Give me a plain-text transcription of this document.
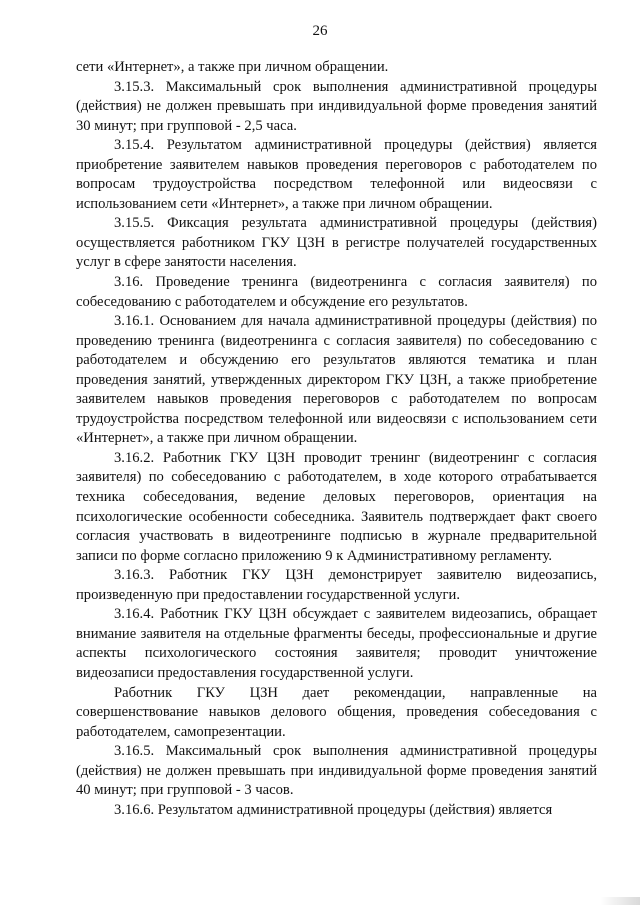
26

сети «Интернет», а также при личном обращении.

3.15.3. Максимальный срок выполнения административной процедуры (действия) не должен превышать при индивидуальной форме проведения занятий 30 минут; при групповой - 2,5 часа.

3.15.4. Результатом административной процедуры (действия) является приобретение заявителем навыков проведения переговоров с работодателем по вопросам трудоустройства посредством телефонной или видеосвязи с использованием сети «Интернет», а также при личном обращении.

3.15.5. Фиксация результата административной процедуры (действия) осуществляется работником ГКУ ЦЗН в регистре получателей государственных услуг в сфере занятости населения.

3.16. Проведение тренинга (видеотренинга с согласия заявителя) по собеседованию с работодателем и обсуждение его результатов.

3.16.1. Основанием для начала административной процедуры (действия) по проведению тренинга (видеотренинга с согласия заявителя) по собеседованию с работодателем и обсуждению его результатов являются тематика и план проведения занятий, утвержденных директором ГКУ ЦЗН, а также приобретение заявителем навыков проведения переговоров с работодателем по вопросам трудоустройства посредством телефонной или видеосвязи с использованием сети «Интернет», а также при личном обращении.

3.16.2. Работник ГКУ ЦЗН проводит тренинг (видеотренинг с согласия заявителя) по собеседованию с работодателем, в ходе которого отрабатывается техника собеседования, ведение деловых переговоров, ориентация на психологические особенности собеседника. Заявитель подтверждает факт своего согласия участвовать в видеотренинге подписью в журнале предварительной записи по форме согласно приложению 9 к Административному регламенту.

3.16.3. Работник ГКУ ЦЗН демонстрирует заявителю видеозапись, произведенную при предоставлении государственной услуги.

3.16.4. Работник ГКУ ЦЗН обсуждает с заявителем видеозапись, обращает внимание заявителя на отдельные фрагменты беседы, профессиональные и другие аспекты психологического состояния заявителя; проводит уничтожение видеозаписи предоставления государственной услуги.

Работник ГКУ ЦЗН дает рекомендации, направленные на совершенствование навыков делового общения, проведения собеседования с работодателем, самопрезентации.

3.16.5. Максимальный срок выполнения административной процедуры (действия) не должен превышать при индивидуальной форме проведения занятий 40 минут; при групповой - 3 часов.

3.16.6. Результатом административной процедуры (действия) является
